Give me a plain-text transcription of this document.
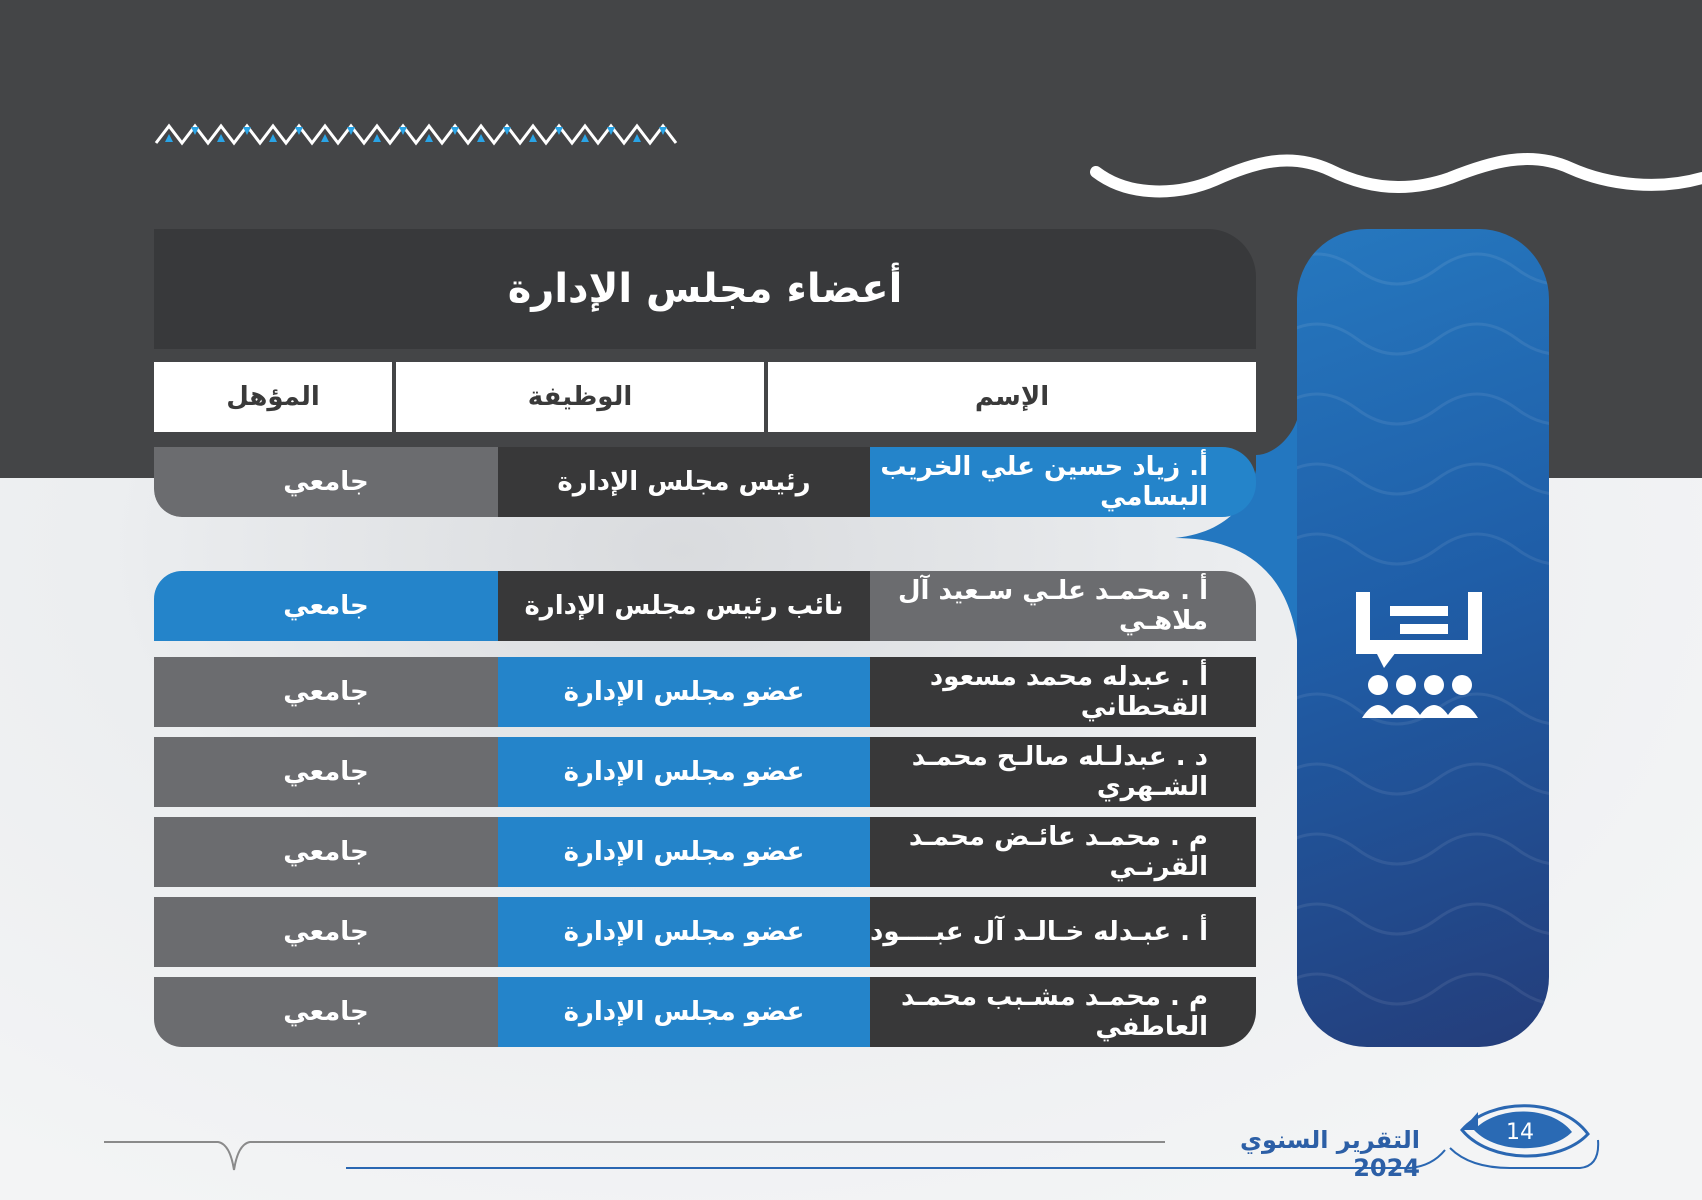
أعضاء مجلس الإدارة
الإسم
الوظيفة
المؤهل
أ. زياد حسين علي الخريب البسامي
رئيس مجلس الإدارة
جامعي
أ . محمـد علـي سـعيد آل ملاهـي
نائب رئيس مجلس الإدارة
جامعي
أ . عبدله محمد مسعود القحطاني
عضو مجلس الإدارة
جامعي
د . عبدلـله صالـح محمـد الشـهري
عضو مجلس الإدارة
جامعي
م . محمـد عائـض محمـد القرنـي
عضو مجلس الإدارة
جامعي
أ . عبـدله خـالـد آل عبــــود
عضو مجلس الإدارة
جامعي
م . محمـد مشـبب محمـد العاطفي
عضو مجلس الإدارة
جامعي
14
التقرير السنوي 2024
